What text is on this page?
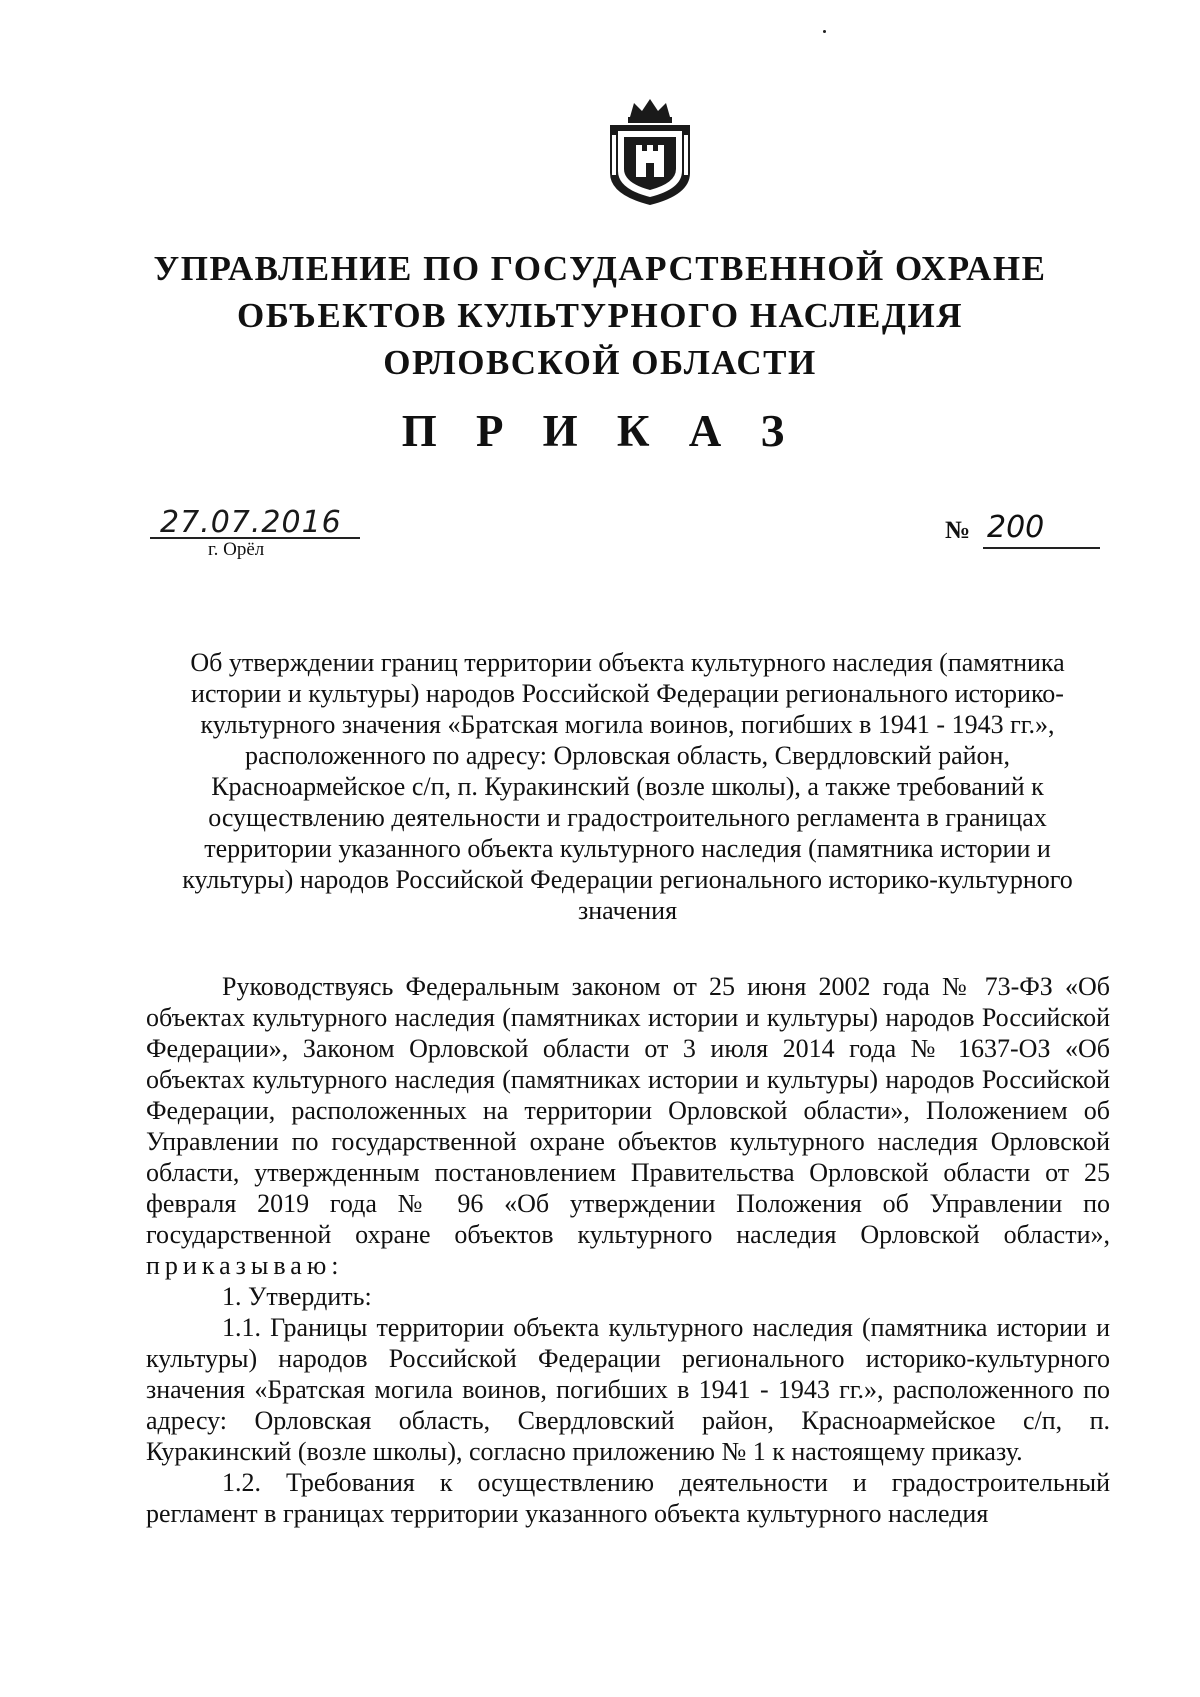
УПРАВЛЕНИЕ ПО ГОСУДАРСТВЕННОЙ ОХРАНЕ
ОБЪЕКТОВ КУЛЬТУРНОГО НАСЛЕДИЯ
ОРЛОВСКОЙ ОБЛАСТИ
П Р И К А З
27.07.2016
г. Орёл
№ 200
Об утверждении границ территории объекта культурного наследия (памятника истории и культуры) народов Российской Федерации регионального историко-культурного значения «Братская могила воинов, погибших в 1941 - 1943 гг.», расположенного по адресу: Орловская область, Свердловский район, Красноармейское с/п, п. Куракинский (возле школы), а также требований к осуществлению деятельности и градостроительного регламента в границах территории указанного объекта культурного наследия (памятника истории и культуры) народов Российской Федерации регионального историко-культурного значения

Руководствуясь Федеральным законом от 25 июня 2002 года № 73-ФЗ «Об объектах культурного наследия (памятниках истории и культуры) народов Российской Федерации», Законом Орловской области от 3 июля 2014 года № 1637-ОЗ «Об объектах культурного наследия (памятниках истории и культуры) народов Российской Федерации, расположенных на территории Орловской области», Положением об Управлении по государственной охране объектов культурного наследия Орловской области, утвержденным постановлением Правительства Орловской области от 25 февраля 2019 года № 96 «Об утверждении Положения об Управлении по государственной охране объектов культурного наследия Орловской области», приказываю:

1. Утвердить:

1.1. Границы территории объекта культурного наследия (памятника истории и культуры) народов Российской Федерации регионального историко-культурного значения «Братская могила воинов, погибших в 1941 - 1943 гг.», расположенного по адресу: Орловская область, Свердловский район, Красноармейское с/п, п. Куракинский (возле школы), согласно приложению № 1 к настоящему приказу.

1.2. Требования к осуществлению деятельности и градостроительный регламент в границах территории указанного объекта культурного наследия
